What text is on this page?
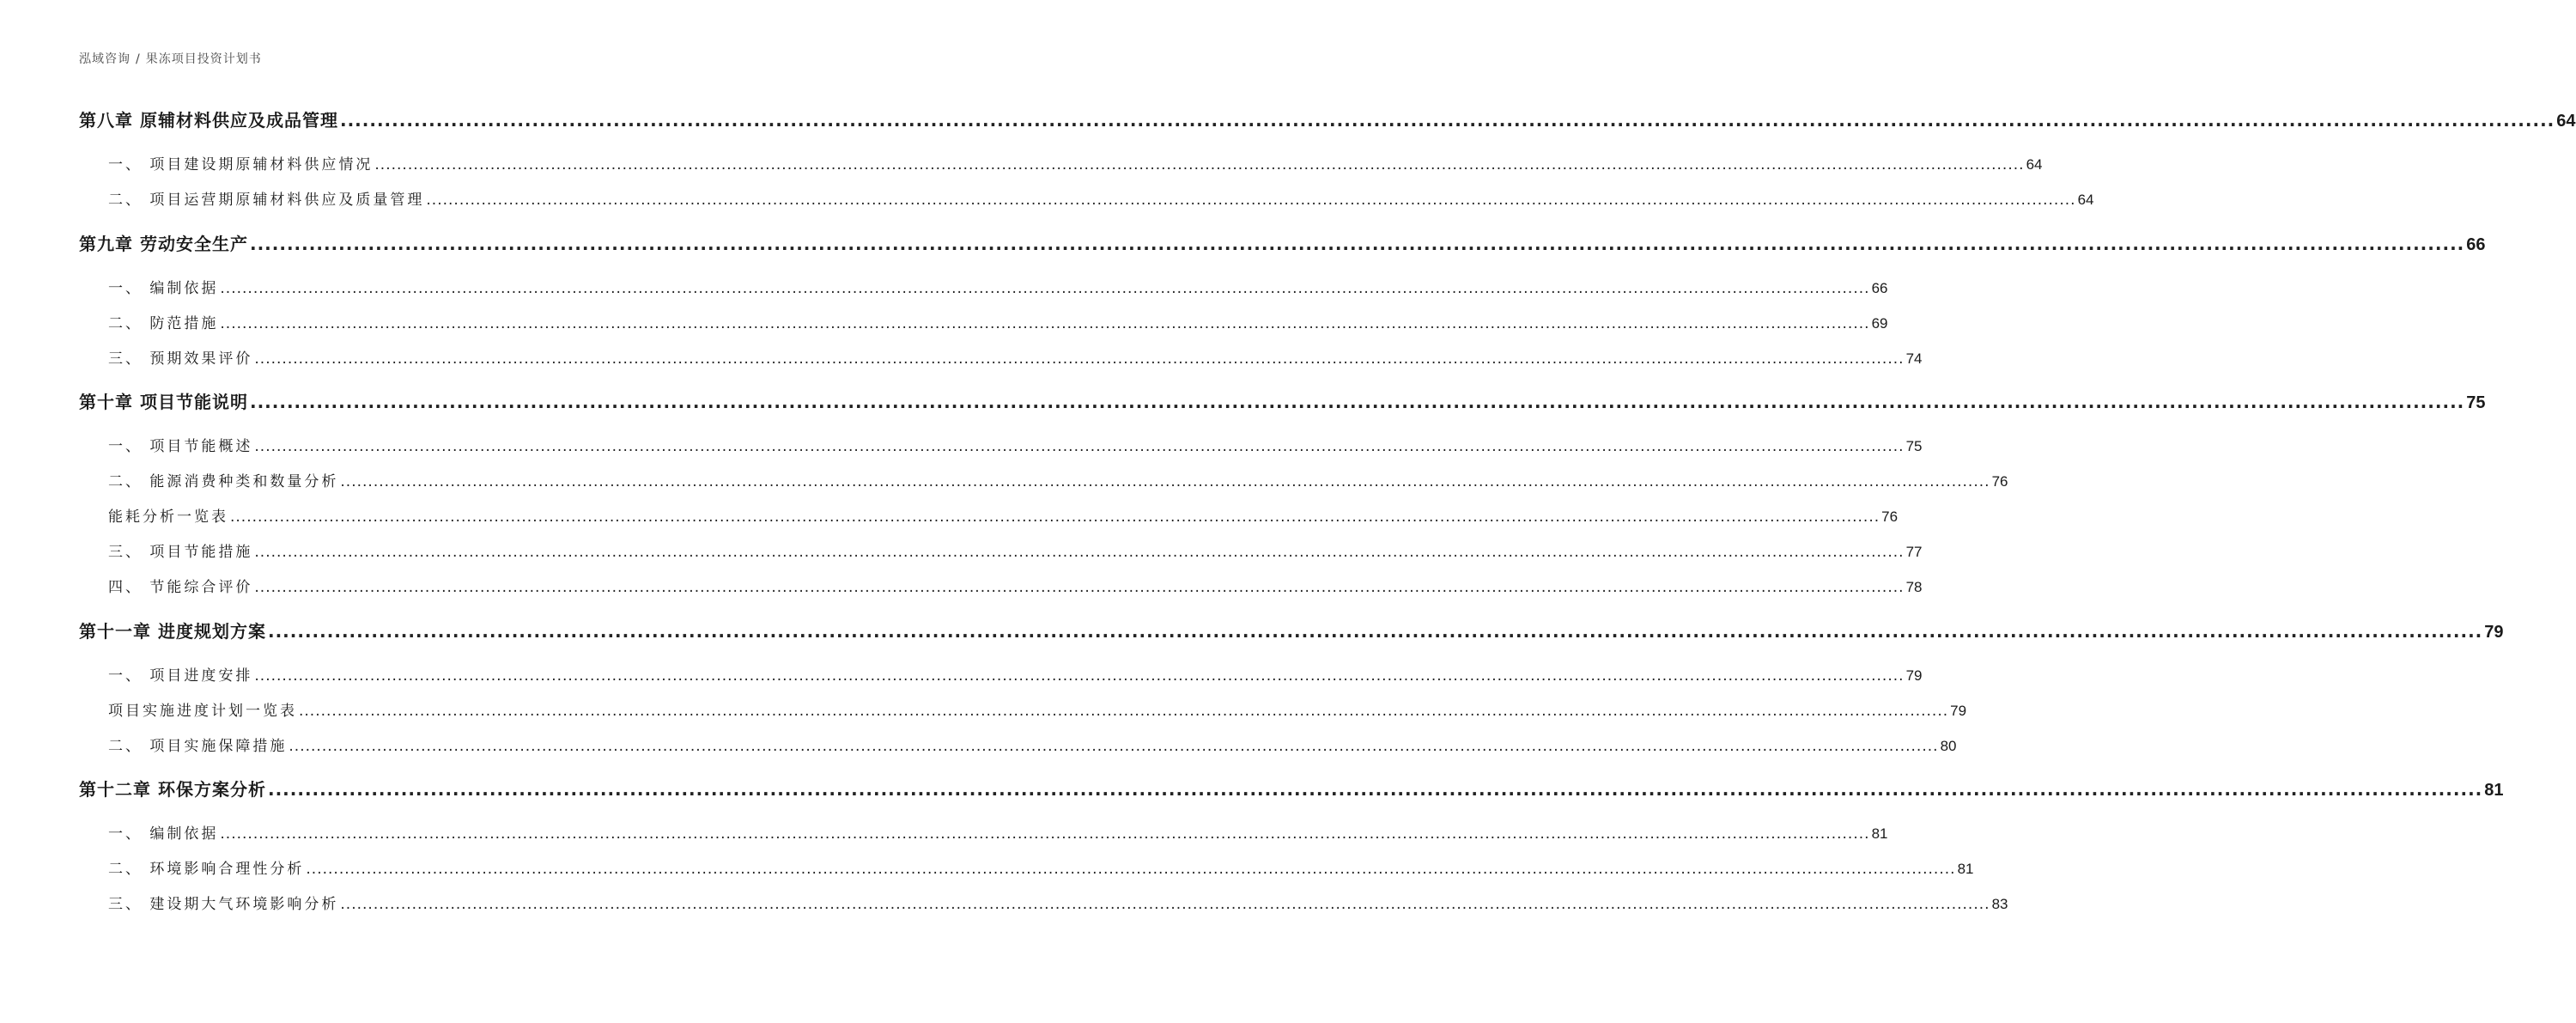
泓域咨询 / 果冻项目投资计划书
第八章 原辅材料供应及成品管理 ............................................................................................................................................................................................................................................................................................................ 64
一、 项目建设期原辅材料供应情况 ............................................................................................................................................................................................................................................................................................................ 64
二、 项目运营期原辅材料供应及质量管理 ............................................................................................................................................................................................................................................................................................................ 64
第九章 劳动安全生产 ............................................................................................................................................................................................................................................................................................................ 66
一、 编制依据 ............................................................................................................................................................................................................................................................................................................ 66
二、 防范措施 ............................................................................................................................................................................................................................................................................................................ 69
三、 预期效果评价 ............................................................................................................................................................................................................................................................................................................ 74
第十章 项目节能说明 ............................................................................................................................................................................................................................................................................................................ 75
一、 项目节能概述 ............................................................................................................................................................................................................................................................................................................ 75
二、 能源消费种类和数量分析 ............................................................................................................................................................................................................................................................................................................ 76
能耗分析一览表 ............................................................................................................................................................................................................................................................................................................ 76
三、 项目节能措施 ............................................................................................................................................................................................................................................................................................................ 77
四、 节能综合评价 ............................................................................................................................................................................................................................................................................................................ 78
第十一章 进度规划方案 ............................................................................................................................................................................................................................................................................................................ 79
一、 项目进度安排 ............................................................................................................................................................................................................................................................................................................ 79
项目实施进度计划一览表 ............................................................................................................................................................................................................................................................................................................ 79
二、 项目实施保障措施 ............................................................................................................................................................................................................................................................................................................ 80
第十二章 环保方案分析 ............................................................................................................................................................................................................................................................................................................ 81
一、 编制依据 ............................................................................................................................................................................................................................................................................................................ 81
二、 环境影响合理性分析 ............................................................................................................................................................................................................................................................................................................ 81
三、 建设期大气环境影响分析 ............................................................................................................................................................................................................................................................................................................ 83
